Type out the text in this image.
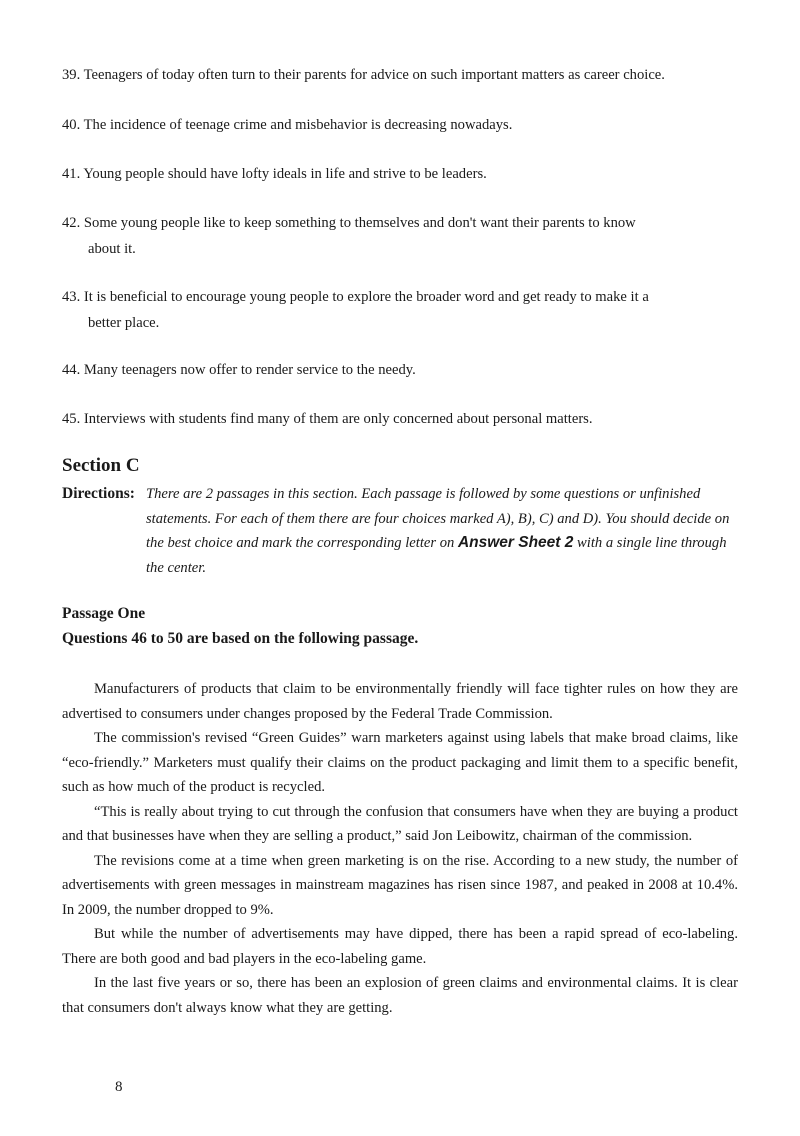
39. Teenagers of today often turn to their parents for advice on such important matters as career choice.
40. The incidence of teenage crime and misbehavior is decreasing nowadays.
41. Young people should have lofty ideals in life and strive to be leaders.
42. Some young people like to keep something to themselves and don't want their parents to know
about it.
43. It is beneficial to encourage young people to explore the broader word and get ready to make it a
better place.
44. Many teenagers now offer to render service to the needy.
45. Interviews with students find many of them are only concerned about personal matters.
Section C
Directions: There are 2 passages in this section. Each passage is followed by some questions or unfinished statements. For each of them there are four choices marked A), B), C) and D). You should decide on the best choice and mark the corresponding letter on Answer Sheet 2 with a single line through the center.
Passage One
Questions 46 to 50 are based on the following passage.

Manufacturers of products that claim to be environmentally friendly will face tighter rules on how they are advertised to consumers under changes proposed by the Federal Trade Commission.

The commission's revised “Green Guides” warn marketers against using labels that make broad claims, like “eco-friendly.” Marketers must qualify their claims on the product packaging and limit them to a specific benefit, such as how much of the product is recycled.

“This is really about trying to cut through the confusion that consumers have when they are buying a product and that businesses have when they are selling a product,” said Jon Leibowitz, chairman of the commission.

The revisions come at a time when green marketing is on the rise. According to a new study, the number of advertisements with green messages in mainstream magazines has risen since 1987, and peaked in 2008 at 10.4%. In 2009, the number dropped to 9%.

But while the number of advertisements may have dipped, there has been a rapid spread of eco-labeling. There are both good and bad players in the eco-labeling game.

In the last five years or so, there has been an explosion of green claims and environmental claims. It is clear that consumers don't always know what they are getting.

8
